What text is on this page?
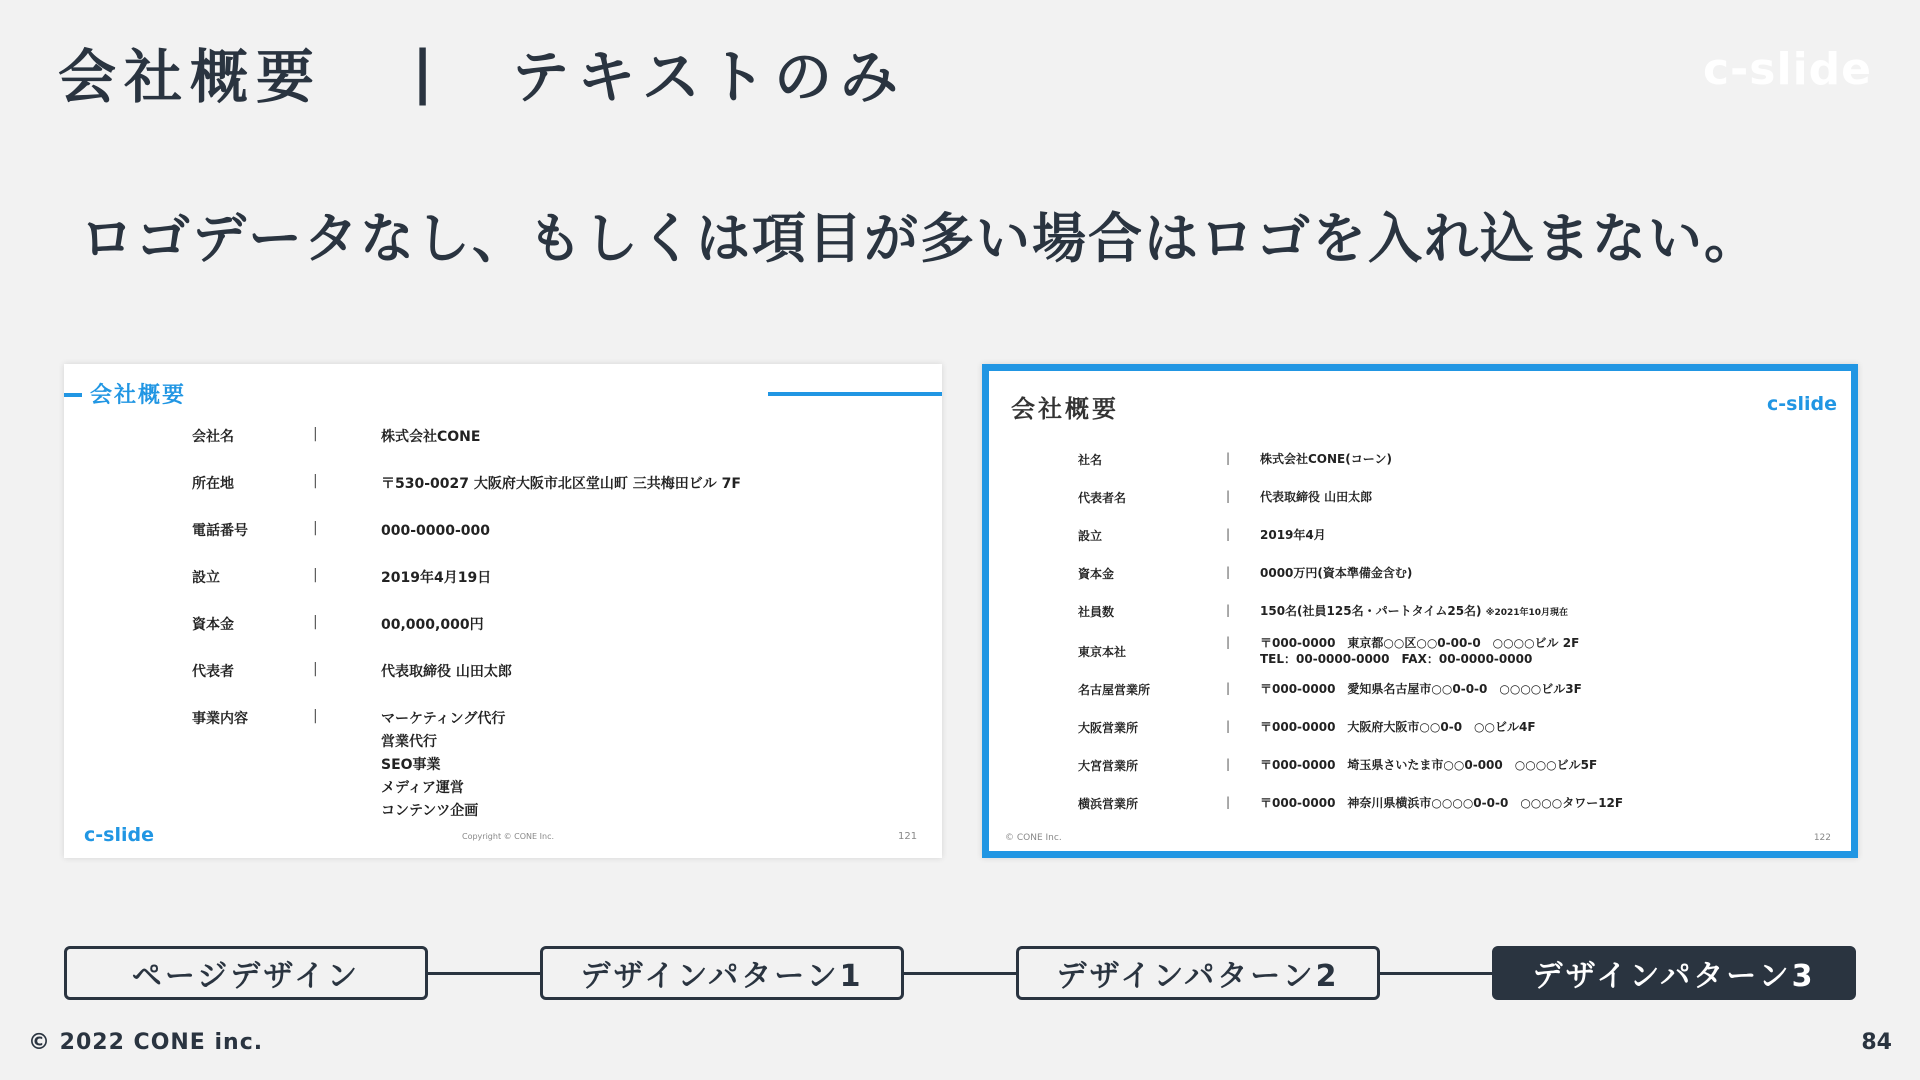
会社概要 | テキストのみ	c-slide
ロゴデータなし、もしくは項目が多い場合はロゴを入れ込まない。
会社概要
会社名	|	株式会社CONE
所在地	|	〒530-0027 大阪府大阪市北区堂山町 三共梅田ビル 7F
電話番号	|	000-0000-000
設立	|	2019年4月19日
資本金	|	00,000,000円
代表者	|	代表取締役 山田太郎
事業内容	|	マーケティング代行
営業代行
SEO事業
メディア運営
コンテンツ企画
c-slide	Copyright © CONE Inc.	121
会社概要	c-slide
社名	| 株式会社CONE(コーン)
代表者名	| 代表取締役 山田太郎
設立	| 2019年4月
資本金	| 0000万円(資本準備金含む)
社員数	| 150名(社員125名・パートタイム25名) ※2021年10月現在
東京本社
| 〒000-0000　東京都○○区○○0-00-0　○○○○ビル 2F
TEL：00-0000-0000　FAX：00-0000-0000
名古屋営業所	| 〒000-0000　愛知県名古屋市○○0-0-0　○○○○ビル3F
大阪営業所	| 〒000-0000　大阪府大阪市○○0-0　○○ビル4F
大宮営業所	| 〒000-0000　埼玉県さいたま市○○0-000　○○○○ビル5F
横浜営業所	| 〒000-0000　神奈川県横浜市○○○○0-0-0　○○○○タワー12F
© CONE Inc.	122
ページデザイン	デザインパターン1	デザインパターン2	デザインパターン3
© 2022 CONE inc.	84
